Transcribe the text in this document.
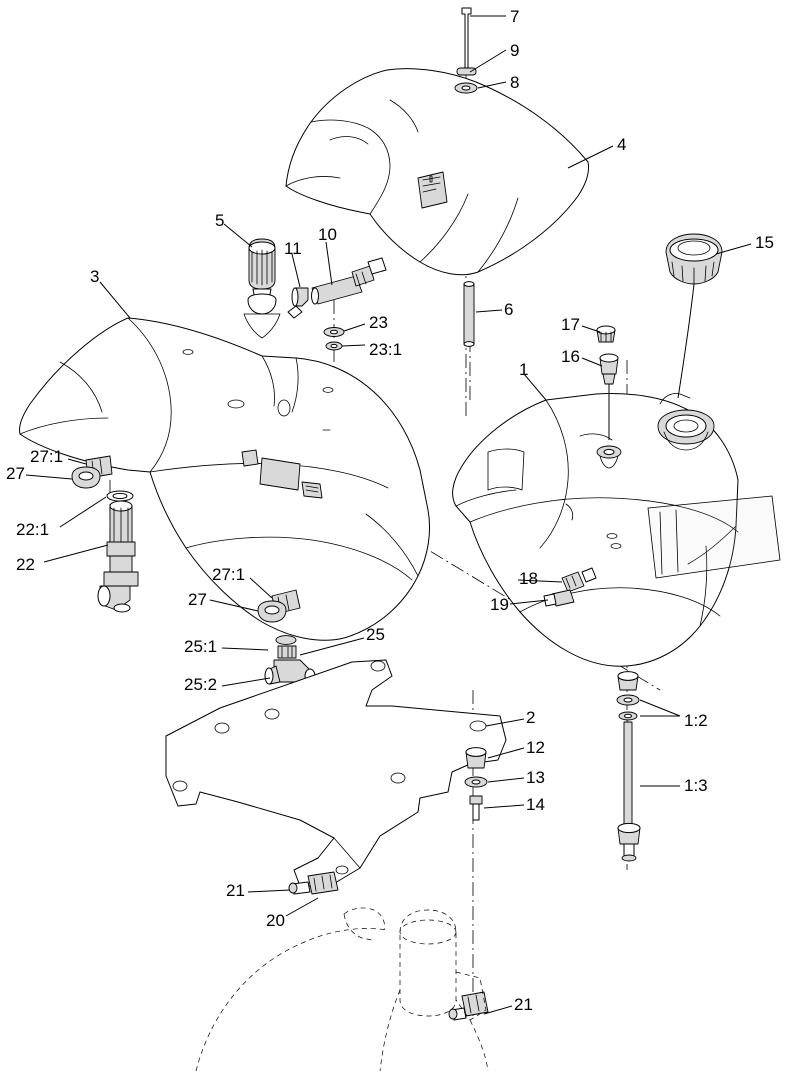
7
9
8
4
15
5
11
10
3
23
23:1
6
17
16
1
27:1
27
22:1
22
27:1
27
25:1
25
25:2
18
19
1:2
1:3
2
12
13
14
21
20
21
